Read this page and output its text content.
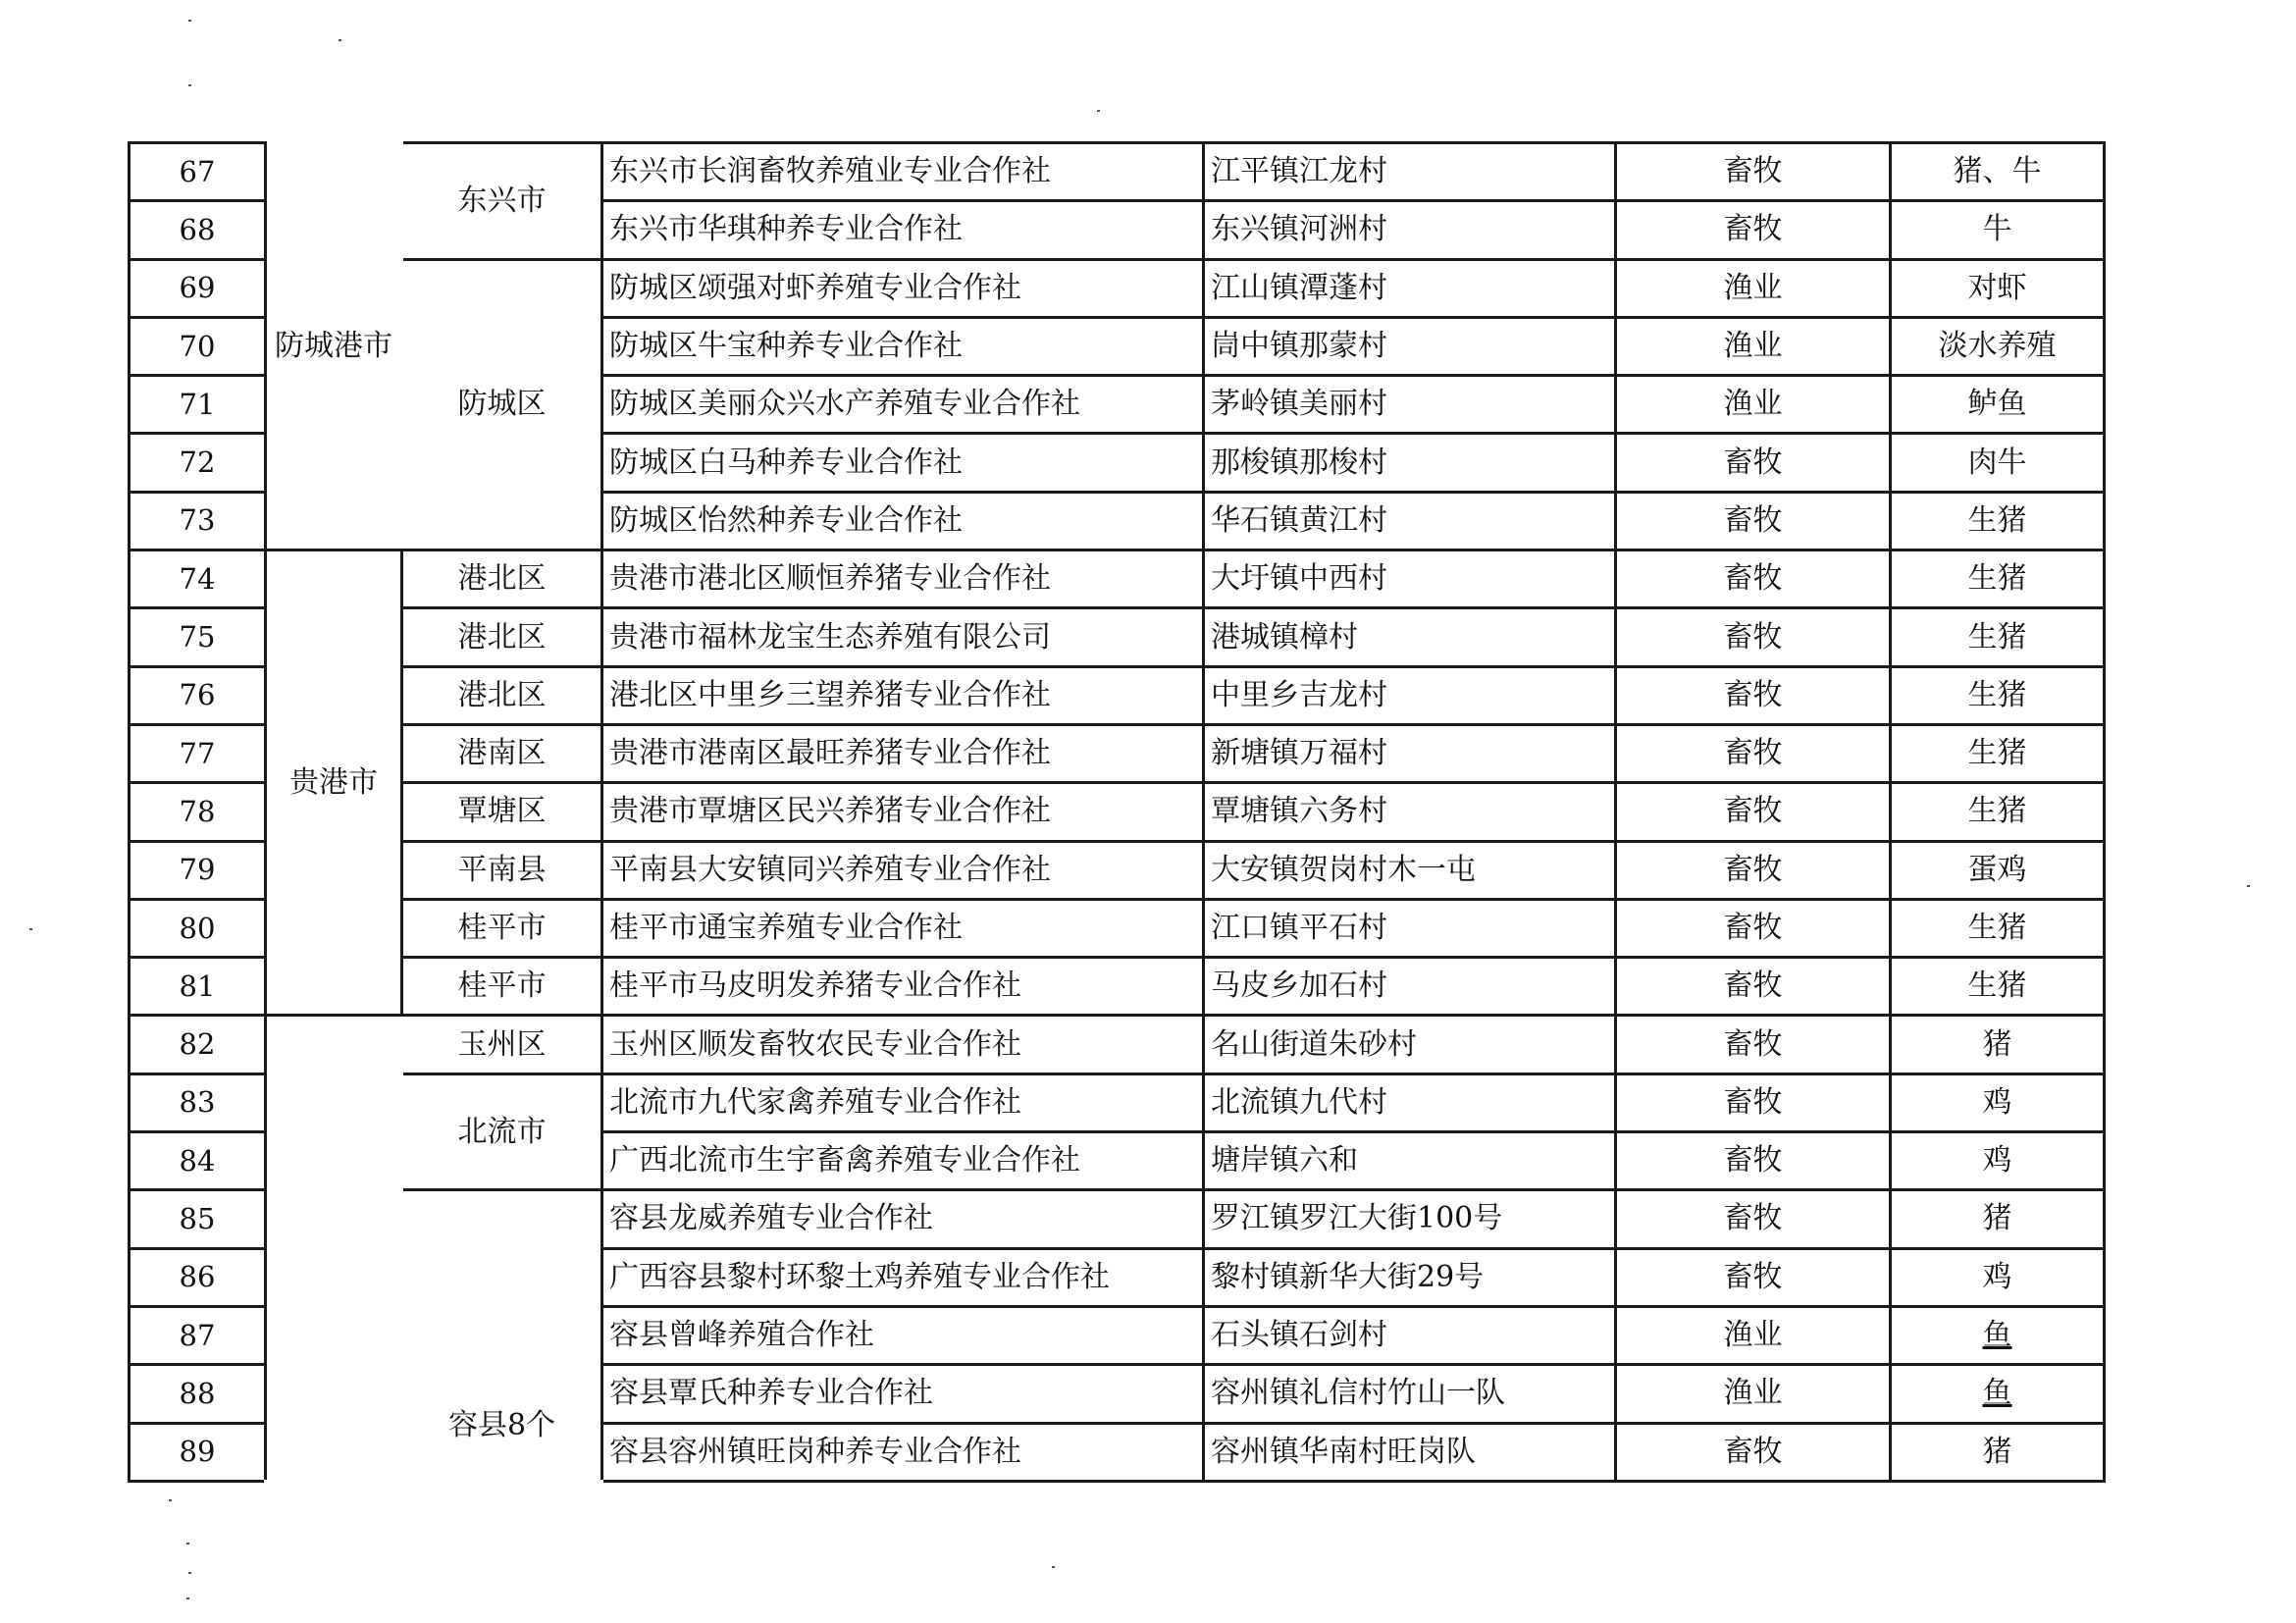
67	防城港市	东兴市	东兴市长润畜牧养殖业专业合作社	江平镇江龙村	畜牧	猪、牛
68			东兴市华琪种养专业合作社	东兴镇河洲村	畜牧	牛
69		防城区	防城区颂强对虾养殖专业合作社	江山镇潭蓬村	渔业	对虾
70			防城区牛宝种养专业合作社	峝中镇那蒙村	渔业	淡水养殖
71			防城区美丽众兴水产养殖专业合作社	茅岭镇美丽村	渔业	鲈鱼
72			防城区白马种养专业合作社	那梭镇那梭村	畜牧	肉牛
73			防城区怡然种养专业合作社	华石镇黄江村	畜牧	生猪
74	贵港市	港北区	贵港市港北区顺恒养猪专业合作社	大圩镇中西村	畜牧	生猪
75		港北区	贵港市福林龙宝生态养殖有限公司	港城镇樟村	畜牧	生猪
76		港北区	港北区中里乡三望养猪专业合作社	中里乡吉龙村	畜牧	生猪
77		港南区	贵港市港南区最旺养猪专业合作社	新塘镇万福村	畜牧	生猪
78		覃塘区	贵港市覃塘区民兴养猪专业合作社	覃塘镇六务村	畜牧	生猪
79		平南县	平南县大安镇同兴养殖专业合作社	大安镇贺岗村木一屯	畜牧	蛋鸡
80		桂平市	桂平市通宝养殖专业合作社	江口镇平石村	畜牧	生猪
81		桂平市	桂平市马皮明发养猪专业合作社	马皮乡加石村	畜牧	生猪
82		玉州区	玉州区顺发畜牧农民专业合作社	名山街道朱砂村	畜牧	猪
83		北流市	北流市九代家禽养殖专业合作社	北流镇九代村	畜牧	鸡
84			广西北流市生宇畜禽养殖专业合作社	塘岸镇六和	畜牧	鸡
85		容县8个	容县龙威养殖专业合作社	罗江镇罗江大街100号	畜牧	猪
86			广西容县黎村环黎土鸡养殖专业合作社	黎村镇新华大街29号	畜牧	鸡
87			容县曾峰养殖合作社	石头镇石剑村	渔业	鱼
88			容县覃氏种养专业合作社	容州镇礼信村竹山一队	渔业	鱼
89			容县容州镇旺岗种养专业合作社	容州镇华南村旺岗队	畜牧	猪
